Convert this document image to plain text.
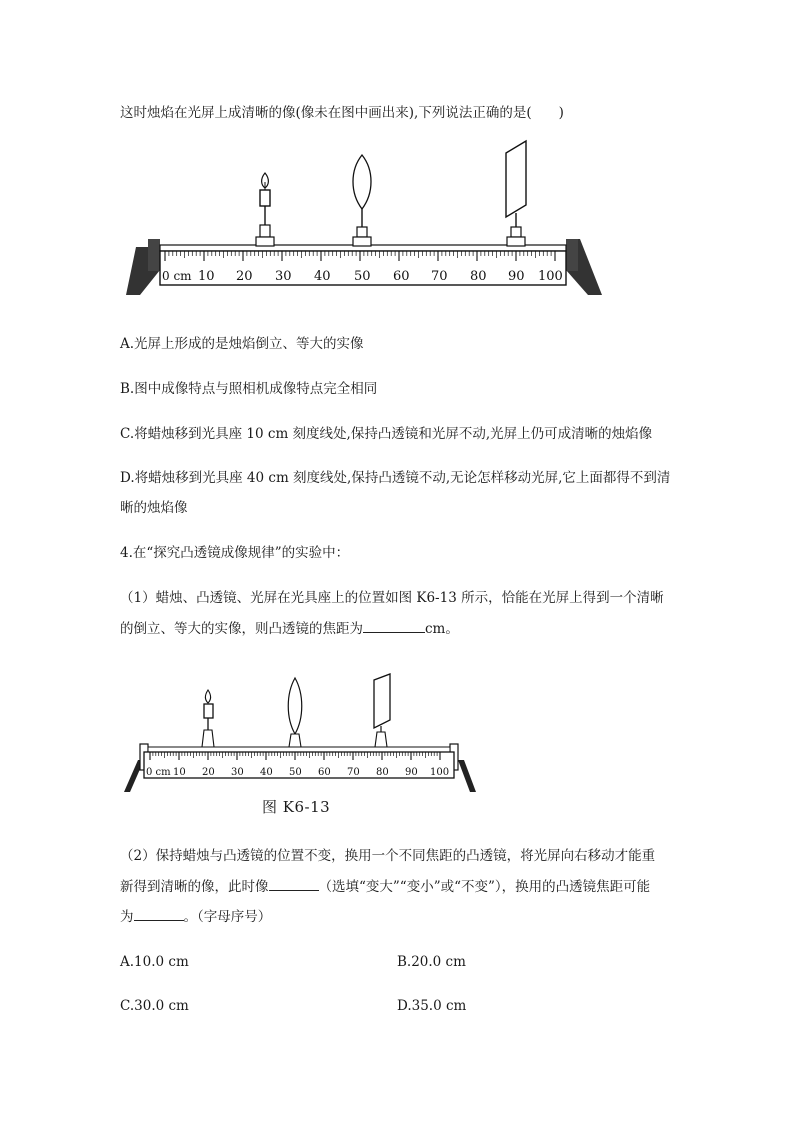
这时烛焰在光屏上成清晰的像(像未在图中画出来),下列说法正确的是(　　)
0 cm 10 20 30 40 50 60 70 80 90 100
A.光屏上形成的是烛焰倒立、等大的实像
B.图中成像特点与照相机成像特点完全相同
C.将蜡烛移到光具座 10 cm 刻度线处,保持凸透镜和光屏不动,光屏上仍可成清晰的烛焰像
D.将蜡烛移到光具座 40 cm 刻度线处,保持凸透镜不动,无论怎样移动光屏,它上面都得不到清
晰的烛焰像
4.在“探究凸透镜成像规律”的实验中：
（1）蜡烛、凸透镜、光屏在光具座上的位置如图 K6-13 所示，恰能在光屏上得到一个清晰
的倒立、等大的实像，则凸透镜的焦距为	cm。
0 cm 10 20 30 40 50 60 70 80 90 100
图 K6-13
（2）保持蜡烛与凸透镜的位置不变，换用一个不同焦距的凸透镜，将光屏向右移动才能重
新得到清晰的像，此时像	（选填“变大”“变小”或“不变”），换用的凸透镜焦距可能
为	。（字母序号）
A.10.0 cm	B.20.0 cm
C.30.0 cm	D.35.0 cm
